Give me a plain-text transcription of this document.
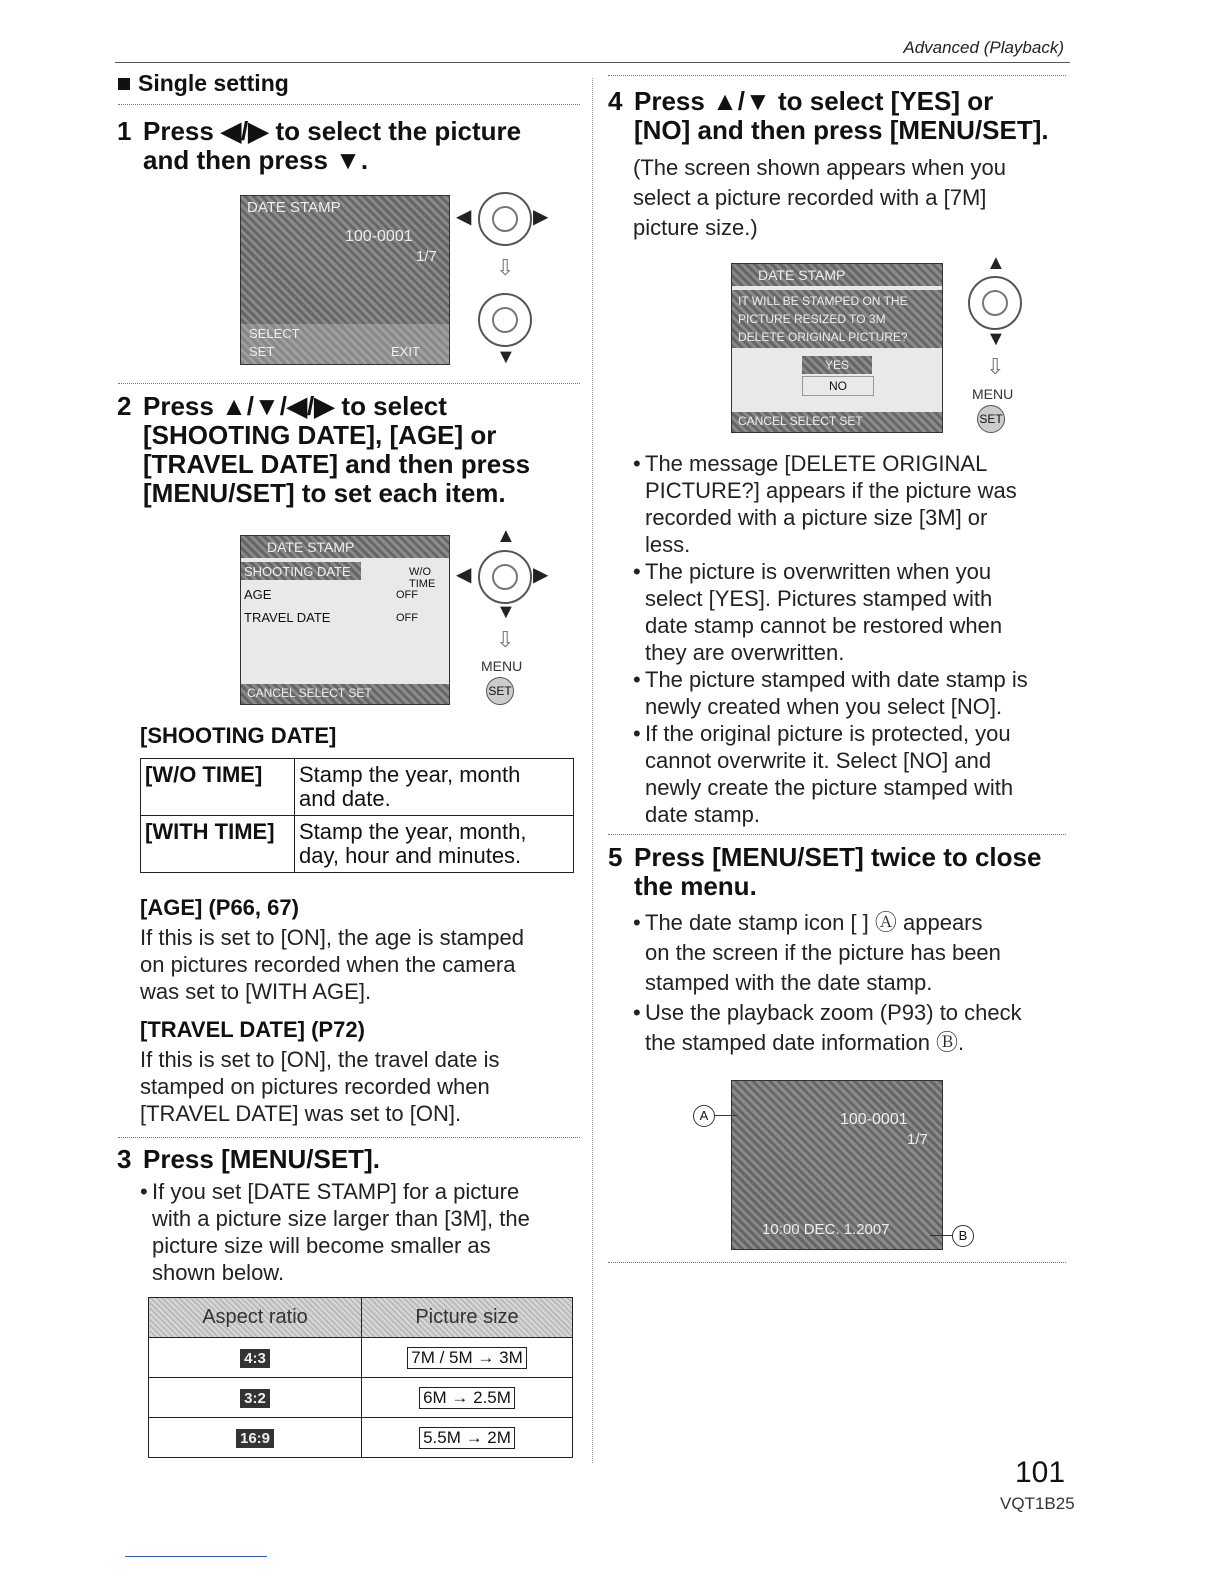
Advanced (Playback)
Single setting
1 Press ◀/▶ to select the picture
and then press ▼.
DATE STAMP
100-0001
1/7
SELECT
SET	EXIT
◀	▶
⇩
▼
2 Press ▲/▼/◀/▶ to select
[SHOOTING DATE], [AGE] or
[TRAVEL DATE] and then press
[MENU/SET] to set each item.
DATE STAMP
SHOOTING DATE	W/O TIME
AGE	OFF
TRAVEL DATE	OFF
CANCEL SELECT SET
▲
◀	▶
▼
⇩
MENU
SET
[SHOOTING DATE]
[W/O TIME]	Stamp the year, month
and date.

[WITH TIME]	Stamp the year, month,
day, hour and minutes.
[AGE] (P66, 67)
If this is set to [ON], the age is stamped
on pictures recorded when the camera
was set to [WITH AGE].
[TRAVEL DATE] (P72)
If this is set to [ON], the travel date is
stamped on pictures recorded when
[TRAVEL DATE] was set to [ON].
3 Press [MENU/SET].
• If you set [DATE STAMP] for a picture
with a picture size larger than [3M], the
picture size will become smaller as
shown below.
Aspect ratio	Picture size
4:3	7M / 5M → 3M
3:2	6M → 2.5M
16:9	5.5M → 2M
4 Press ▲/▼ to select [YES] or
[NO] and then press [MENU/SET].
(The screen shown appears when you
select a picture recorded with a [7M]
picture size.)
DATE STAMP
IT WILL BE STAMPED ON THE
PICTURE RESIZED TO 3M
DELETE ORIGINAL PICTURE?
YES
NO
CANCEL SELECT SET
▲
▼
⇩
MENU
SET
• The message [DELETE ORIGINAL
PICTURE?] appears if the picture was
recorded with a picture size [3M] or
less.
• The picture is overwritten when you
select [YES]. Pictures stamped with
date stamp cannot be restored when
they are overwritten.
• The picture stamped with date stamp is
newly created when you select [NO].
• If the original picture is protected, you
cannot overwrite it. Select [NO] and
newly create the picture stamped with
date stamp.
5 Press [MENU/SET] twice to close
the menu.
• The date stamp icon [ ] Ⓐ appears
on the screen if the picture has been
stamped with the date stamp.
• Use the playback zoom (P93) to check
the stamped date information Ⓑ.
100-0001
1/7
10:00 DEC. 1.2007
A
B
101
VQT1B25
